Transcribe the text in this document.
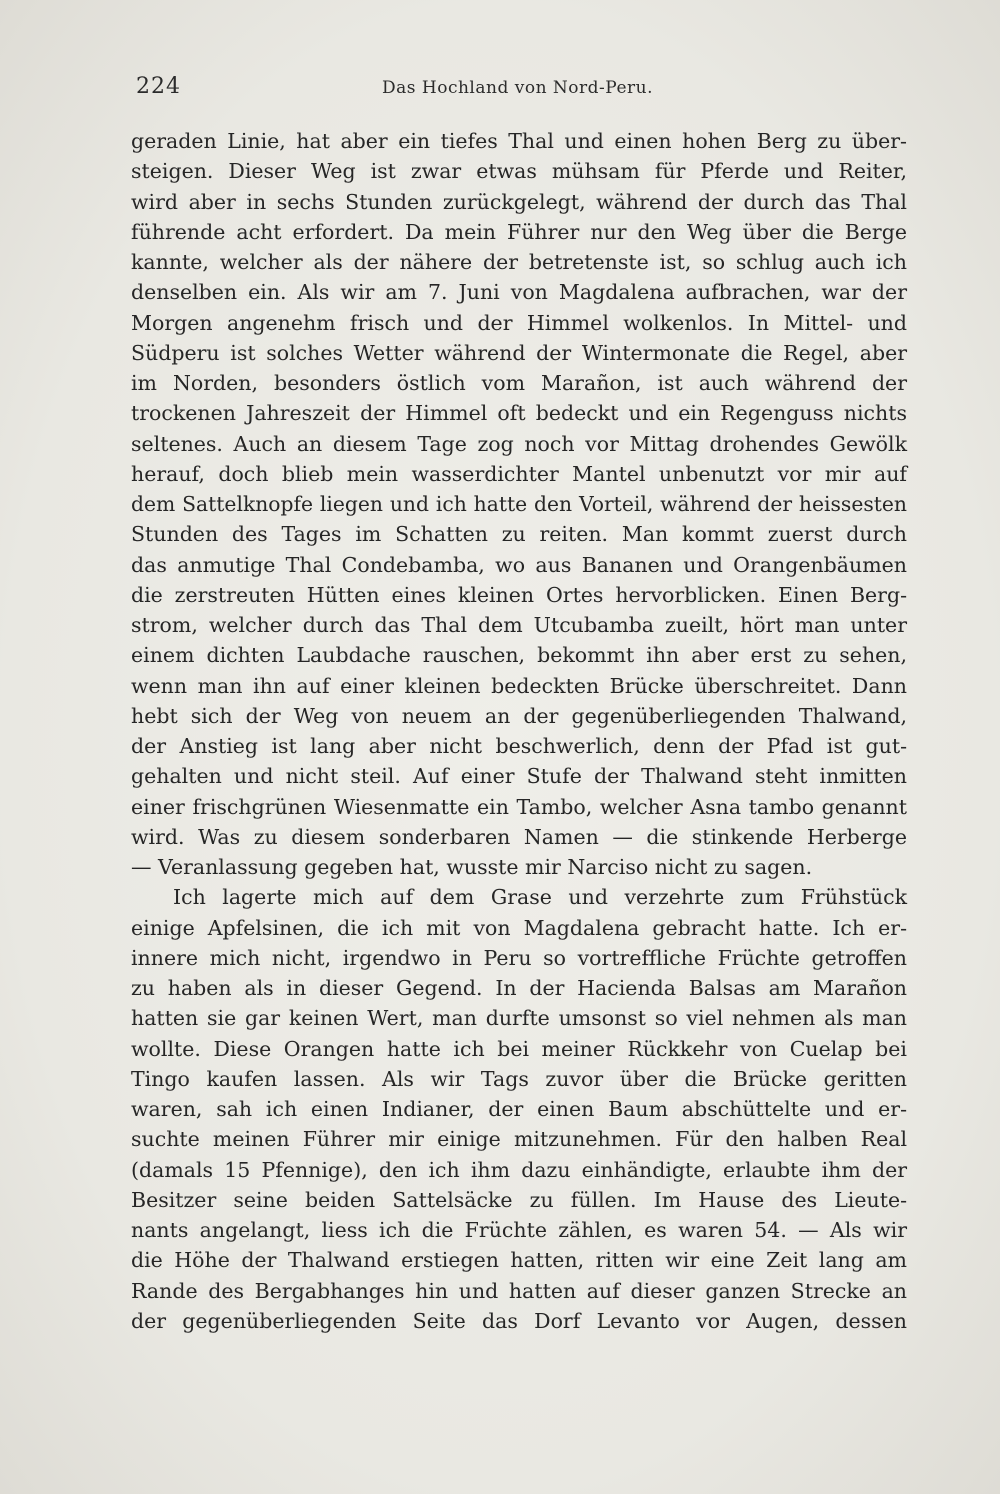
224	Das Hochland von Nord-Peru.
geraden Linie, hat aber ein tiefes Thal und einen hohen Berg zu über-
steigen. Dieser Weg ist zwar etwas mühsam für Pferde und Reiter,
wird aber in sechs Stunden zurückgelegt, während der durch das Thal
führende acht erfordert. Da mein Führer nur den Weg über die Berge
kannte, welcher als der nähere der betretenste ist, so schlug auch ich
denselben ein. Als wir am 7. Juni von Magdalena aufbrachen, war der
Morgen angenehm frisch und der Himmel wolkenlos. In Mittel- und
Südperu ist solches Wetter während der Wintermonate die Regel, aber
im Norden, besonders östlich vom Marañon, ist auch während der
trockenen Jahreszeit der Himmel oft bedeckt und ein Regenguss nichts
seltenes. Auch an diesem Tage zog noch vor Mittag drohendes Gewölk
herauf, doch blieb mein wasserdichter Mantel unbenutzt vor mir auf
dem Sattelknopfe liegen und ich hatte den Vorteil, während der heissesten
Stunden des Tages im Schatten zu reiten. Man kommt zuerst durch
das anmutige Thal Condebamba, wo aus Bananen und Orangenbäumen
die zerstreuten Hütten eines kleinen Ortes hervorblicken. Einen Berg-
strom, welcher durch das Thal dem Utcubamba zueilt, hört man unter
einem dichten Laubdache rauschen, bekommt ihn aber erst zu sehen,
wenn man ihn auf einer kleinen bedeckten Brücke überschreitet. Dann
hebt sich der Weg von neuem an der gegenüberliegenden Thalwand,
der Anstieg ist lang aber nicht beschwerlich, denn der Pfad ist gut-
gehalten und nicht steil. Auf einer Stufe der Thalwand steht inmitten
einer frischgrünen Wiesenmatte ein Tambo, welcher Asna tambo genannt
wird. Was zu diesem sonderbaren Namen — die stinkende Herberge
— Veranlassung gegeben hat, wusste mir Narciso nicht zu sagen.
Ich lagerte mich auf dem Grase und verzehrte zum Frühstück
einige Apfelsinen, die ich mit von Magdalena gebracht hatte. Ich er-
innere mich nicht, irgendwo in Peru so vortreffliche Früchte getroffen
zu haben als in dieser Gegend. In der Hacienda Balsas am Marañon
hatten sie gar keinen Wert, man durfte umsonst so viel nehmen als man
wollte. Diese Orangen hatte ich bei meiner Rückkehr von Cuelap bei
Tingo kaufen lassen. Als wir Tags zuvor über die Brücke geritten
waren, sah ich einen Indianer, der einen Baum abschüttelte und er-
suchte meinen Führer mir einige mitzunehmen. Für den halben Real
(damals 15 Pfennige), den ich ihm dazu einhändigte, erlaubte ihm der
Besitzer seine beiden Sattelsäcke zu füllen. Im Hause des Lieute-
nants angelangt, liess ich die Früchte zählen, es waren 54. — Als wir
die Höhe der Thalwand erstiegen hatten, ritten wir eine Zeit lang am
Rande des Bergabhanges hin und hatten auf dieser ganzen Strecke an
der gegenüberliegenden Seite das Dorf Levanto vor Augen, dessen
